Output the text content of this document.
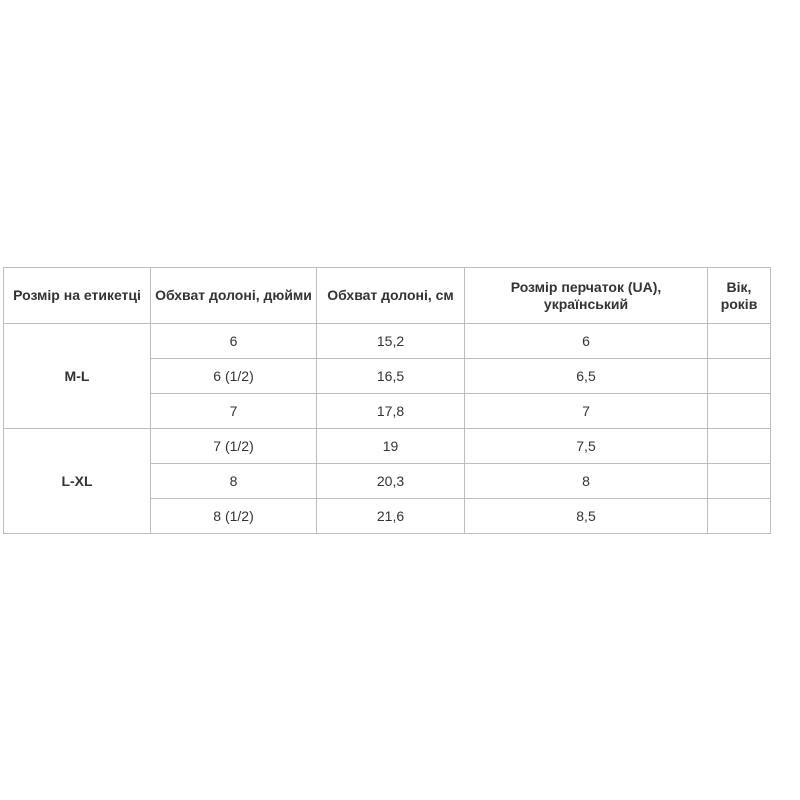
Розмір на етикетці	Обхват долоні, дюйми	Обхват долоні, см	Розмір перчаток (UA), український	Вік, років
M-L	6	15,2	6	
	6 (1/2)	16,5	6,5	
	7	17,8	7	
L-XL	7 (1/2)	19	7,5	
	8	20,3	8	
	8 (1/2)	21,6	8,5	
